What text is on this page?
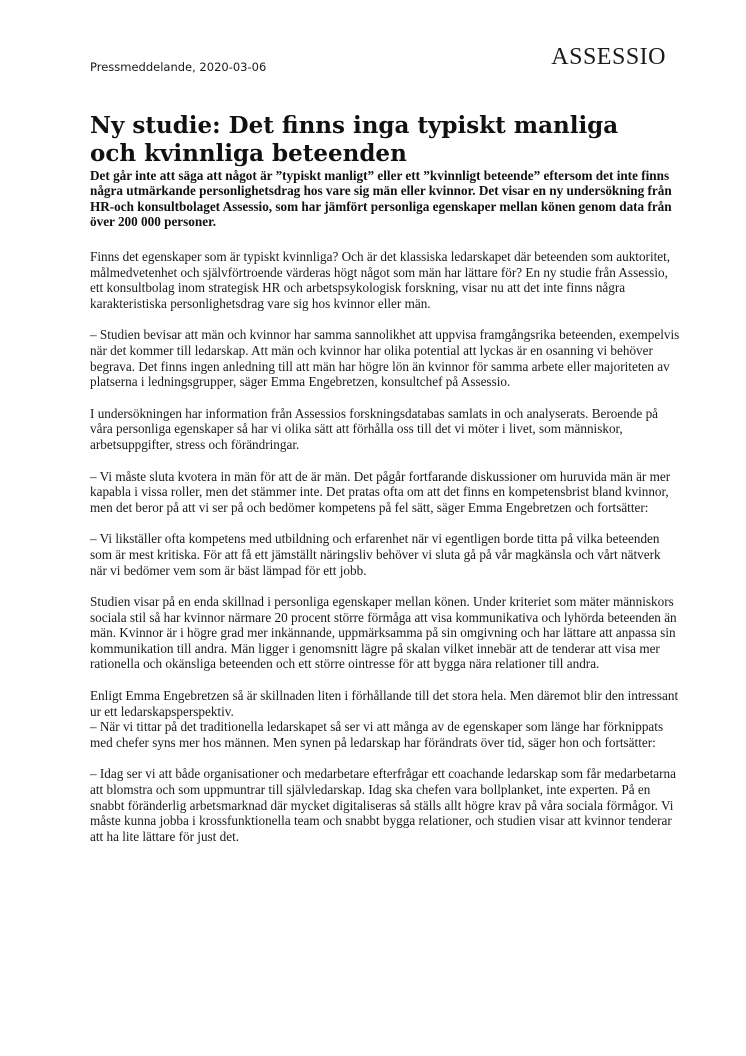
Pressmeddelande, 2020-03-06	ASSESSIO
Ny studie: Det finns inga typiskt manliga och kvinnliga beteenden

Det går inte att säga att något är ”typiskt manligt” eller ett ”kvinnligt beteende” eftersom det inte finns några utmärkande personlighetsdrag hos vare sig män eller kvinnor. Det visar en ny undersökning från HR-och konsultbolaget Assessio, som har jämfört personliga egenskaper mellan könen genom data från över 200 000 personer.

Finns det egenskaper som är typiskt kvinnliga? Och är det klassiska ledarskapet där beteenden som auktoritet, målmedvetenhet och självförtroende värderas högt något som män har lättare för? En ny studie från Assessio, ett konsultbolag inom strategisk HR och arbetspsykologisk forskning, visar nu att det inte finns några karakteristiska personlighetsdrag vare sig hos kvinnor eller män.

– Studien bevisar att män och kvinnor har samma sannolikhet att uppvisa framgångsrika beteenden, exempelvis när det kommer till ledarskap. Att män och kvinnor har olika potential att lyckas är en osanning vi behöver begrava. Det finns ingen anledning till att män har högre lön än kvinnor för samma arbete eller majoriteten av platserna i ledningsgrupper, säger Emma Engebretzen, konsultchef på Assessio.

I undersökningen har information från Assessios forskningsdatabas samlats in och analyserats. Beroende på våra personliga egenskaper så har vi olika sätt att förhålla oss till det vi möter i livet, som människor, arbetsuppgifter, stress och förändringar.

– Vi måste sluta kvotera in män för att de är män. Det pågår fortfarande diskussioner om huruvida män är mer kapabla i vissa roller, men det stämmer inte. Det pratas ofta om att det finns en kompetensbrist bland kvinnor, men det beror på att vi ser på och bedömer kompetens på fel sätt, säger Emma Engebretzen och fortsätter:

– Vi likställer ofta kompetens med utbildning och erfarenhet när vi egentligen borde titta på vilka beteenden som är mest kritiska. För att få ett jämställt näringsliv behöver vi sluta gå på vår magkänsla och vårt nätverk när vi bedömer vem som är bäst lämpad för ett jobb.

Studien visar på en enda skillnad i personliga egenskaper mellan könen. Under kriteriet som mäter människors sociala stil så har kvinnor närmare 20 procent större förmåga att visa kommunikativa och lyhörda beteenden än män. Kvinnor är i högre grad mer inkännande, uppmärksamma på sin omgivning och har lättare att anpassa sin kommunikation till andra. Män ligger i genomsnitt lägre på skalan vilket innebär att de tenderar att visa mer rationella och okänsliga beteenden och ett större ointresse för att bygga nära relationer till andra.

Enligt Emma Engebretzen så är skillnaden liten i förhållande till det stora hela. Men däremot blir den intressant ur ett ledarskapsperspektiv.
– När vi tittar på det traditionella ledarskapet så ser vi att många av de egenskaper som länge har förknippats med chefer syns mer hos männen. Men synen på ledarskap har förändrats över tid, säger hon och fortsätter:

– Idag ser vi att både organisationer och medarbetare efterfrågar ett coachande ledarskap som får medarbetarna att blomstra och som uppmuntrar till självledarskap. Idag ska chefen vara bollplanket, inte experten. På en snabbt föränderlig arbetsmarknad där mycket digitaliseras så ställs allt högre krav på våra sociala förmågor. Vi måste kunna jobba i krossfunktionella team och snabbt bygga relationer, och studien visar att kvinnor tenderar att ha lite lättare för just det.
